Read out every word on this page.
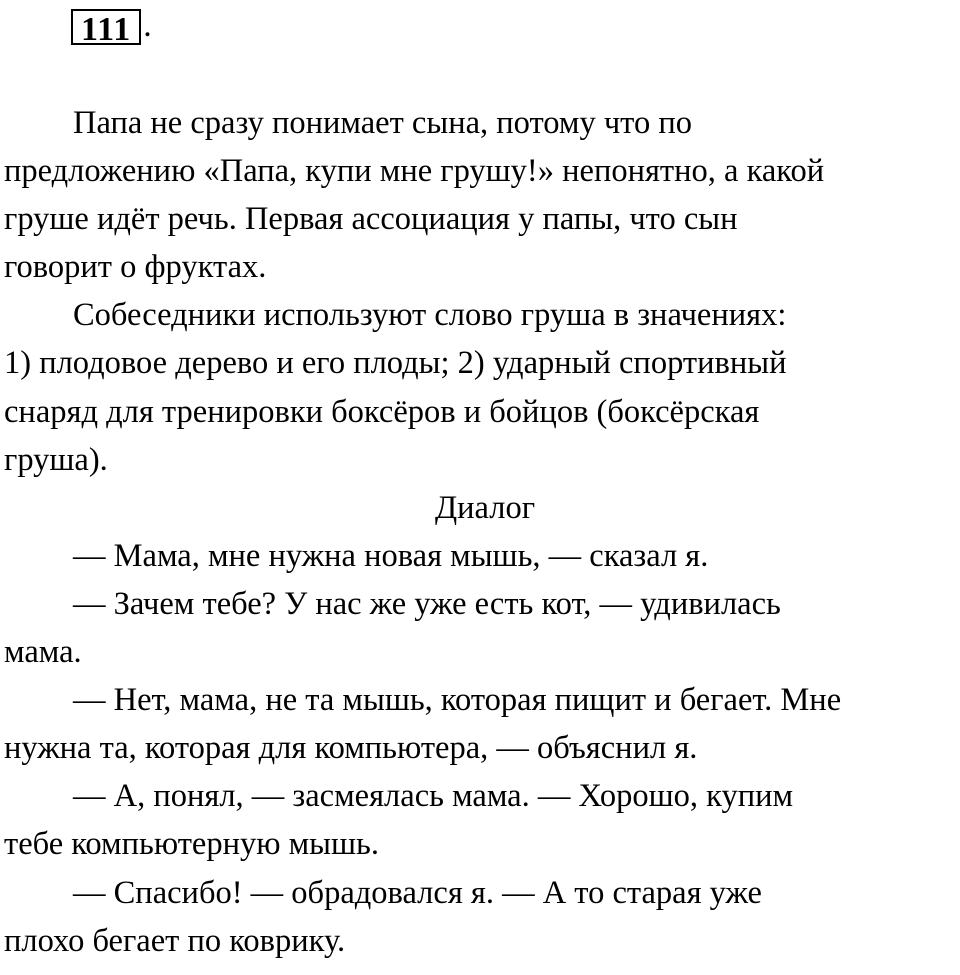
111 .
Папа не сразу понимает сына, потому что по
предложению «Папа, купи мне грушу!» непонятно, а какой
груше идёт речь. Первая ассоциация у папы, что сын
говорит о фруктах.
Собеседники используют слово груша в значениях:
1) плодовое дерево и его плоды; 2) ударный спортивный
снаряд для тренировки боксёров и бойцов (боксёрская
груша).
Диалог
— Мама, мне нужна новая мышь, — сказал я.
— Зачем тебе? У нас же уже есть кот, — удивилась
мама.
— Нет, мама, не та мышь, которая пищит и бегает. Мне
нужна та, которая для компьютера, — объяснил я.
— А, понял, — засмеялась мама. — Хорошо, купим
тебе компьютерную мышь.
— Спасибо! — обрадовался я. — А то старая уже
плохо бегает по коврику.
